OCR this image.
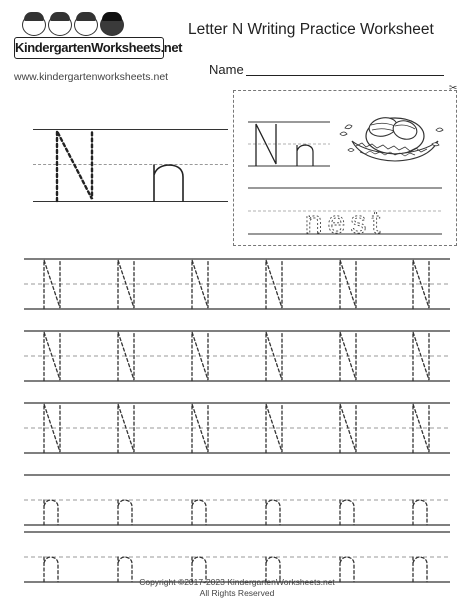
KindergartenWorksheets.net
www.kindergartenworksheets.net
Letter N Writing Practice Worksheet
Name
✂
nest
Copyright ©2017-2023 KindergartenWorksheets.net
All Rights Reserved
